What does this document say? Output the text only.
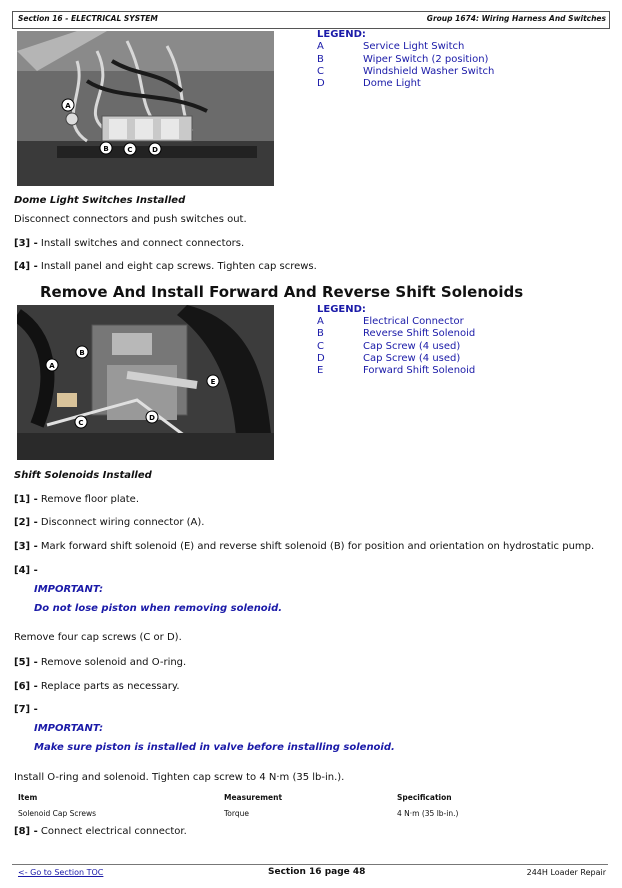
Section 16 - ELECTRICAL SYSTEM	Group 1674: Wiring Harness And Switches
A
B	C	D
LEGEND:
A	Service Light Switch
B	Wiper Switch (2 position)
C	Windshield Washer Switch
D	Dome Light
Dome Light Switches Installed
Disconnect connectors and push switches out.
[3] - Install switches and connect connectors.
[4] - Install panel and eight cap screws. Tighten cap screws.
Remove And Install Forward And Reverse Shift Solenoids
A
B
C
D
E
LEGEND:
A	Electrical Connector
B	Reverse Shift Solenoid
C	Cap Screw (4 used)
D	Cap Screw (4 used)
E	Forward Shift Solenoid
Shift Solenoids Installed
[1] - Remove floor plate.
[2] - Disconnect wiring connector (A).
[3] - Mark forward shift solenoid (E) and reverse shift solenoid (B) for position and orientation on hydrostatic pump.
[4] -
IMPORTANT:
Do not lose piston when removing solenoid.
Remove four cap screws (C or D).
[5] - Remove solenoid and O-ring.
[6] - Replace parts as necessary.
[7] -
IMPORTANT:
Make sure piston is installed in valve before installing solenoid.
Install O-ring and solenoid. Tighten cap screw to 4 N·m (35 lb-in.).
Item	Measurement	Specification
Solenoid Cap Screws	Torque	4 N·m (35 lb-in.)
[8] - Connect electrical connector.
<- Go to Section TOC	Section 16 page 48	244H Loader Repair
